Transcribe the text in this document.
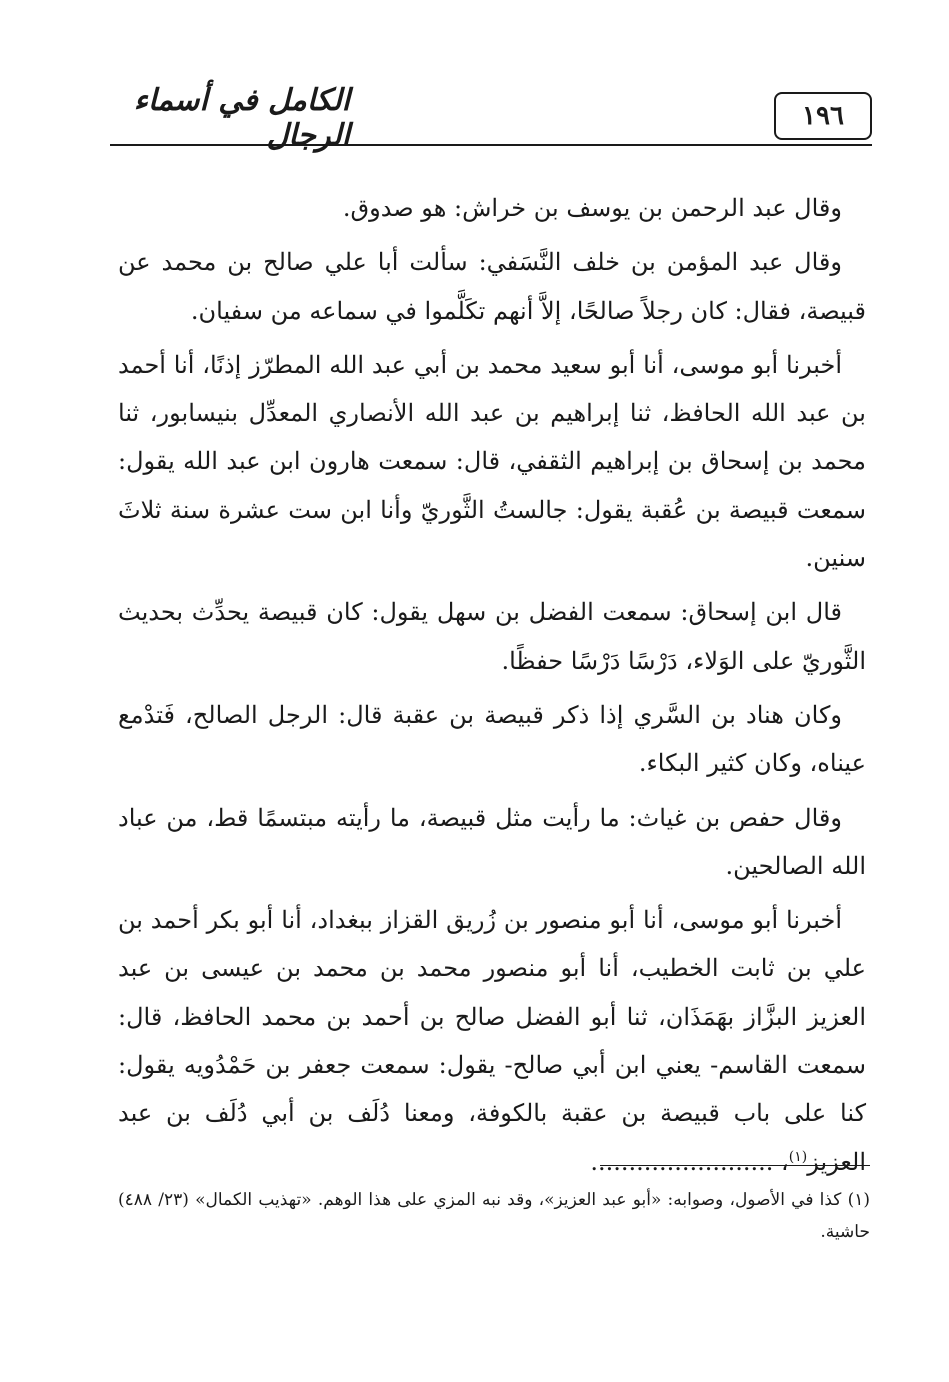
١٩٦
الكامل في أسماء الرجال

وقال عبد الرحمن بن يوسف بن خراش: هو صدوق.

وقال عبد المؤمن بن خلف النَّسَفي: سألت أبا علي صالح بن محمد عن قبيصة، فقال: كان رجلاً صالحًا، إلاَّ أنهم تكَلَّموا في سماعه من سفيان.

أخبرنا أبو موسى، أنا أبو سعيد محمد بن أبي عبد الله المطرّز إذنًا، أنا أحمد بن عبد الله الحافظ، ثنا إبراهيم بن عبد الله الأنصاري المعدِّل بنيسابور، ثنا محمد بن إسحاق بن إبراهيم الثقفي، قال: سمعت هارون ابن عبد الله يقول: سمعت قبيصة بن عُقبة يقول: جالستُ الثَّوريّ وأنا ابن ست عشرة سنة ثلاثَ سنين.

قال ابن إسحاق: سمعت الفضل بن سهل يقول: كان قبيصة يحدِّث بحديث الثَّوريّ على الوَلاء، دَرْسًا دَرْسًا حفظًا.

وكان هناد بن السَّري إذا ذكر قبيصة بن عقبة قال: الرجل الصالح، فَتدْمع عيناه، وكان كثير البكاء.

وقال حفص بن غياث: ما رأيت مثل قبيصة، ما رأيته مبتسمًا قط، من عباد الله الصالحين.

أخبرنا أبو موسى، أنا أبو منصور بن زُريق القزاز ببغداد، أنا أبو بكر أحمد بن علي بن ثابت الخطيب، أنا أبو منصور محمد بن محمد بن عيسى بن عبد العزيز البزَّاز بهَمَذَان، ثنا أبو الفضل صالح بن أحمد بن محمد الحافظ، قال: سمعت القاسم- يعني ابن أبي صالح- يقول: سمعت جعفر بن حَمْدُويه يقول: كنا على باب قبيصة بن عقبة بالكوفة، ومعنا دُلَف بن أبي دُلَف بن عبد العزيز$^{(١)}$، ........................

(١) كذا في الأصول، وصوابه: «أبو عبد العزيز»، وقد نبه المزي على هذا الوهم. «تهذيب الكمال» (٢٣/ ٤٨٨) حاشية.
